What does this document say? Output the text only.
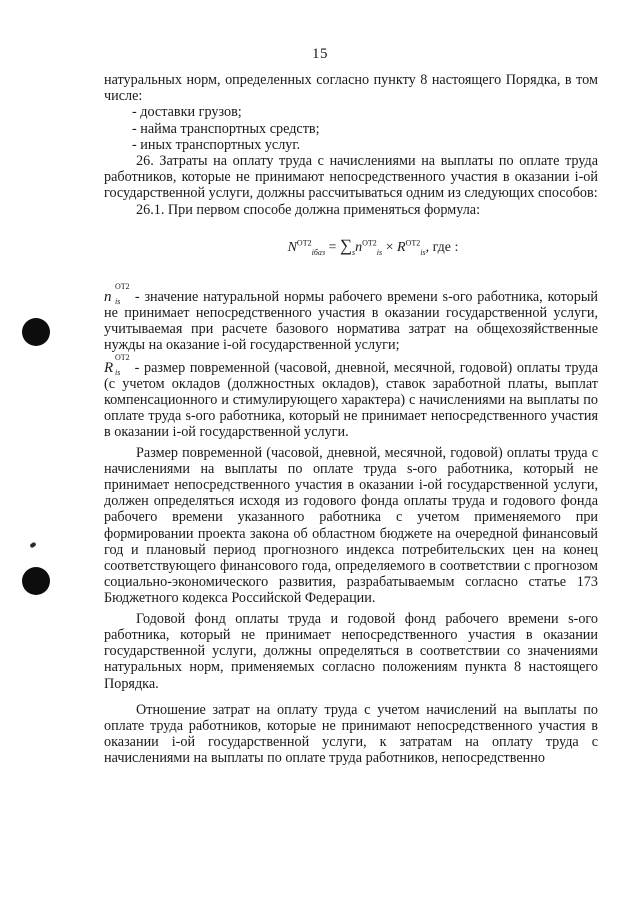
15

натуральных норм, определенных согласно пункту 8 настоящего Порядка, в том числе:

- доставки грузов;

- найма транспортных средств;

- иных транспортных услуг.

26. Затраты на оплату труда с начислениями на выплаты по оплате труда работников, которые не принимают непосредственного участия в оказании i-ой государственной услуги, должны рассчитываться одним из следующих способов:

26.1. При первом способе должна применяться формула:

$N^{ОТ2}_{iбаз} = \sum_sn^{ОТ2}_{is} \times R^{ОТ2}_{is}$, где :

n
ОТ2
is - значение натуральной нормы рабочего времени s-ого работника, который не принимает непосредственного участия в оказании государственной услуги, учитываемая при расчете базового норматива затрат на общехозяйственные нужды на оказание i-ой государственной услуги;

R
ОТ2
is - размер повременной (часовой, дневной, месячной, годовой) оплаты труда (с учетом окладов (должностных окладов), ставок заработной платы, выплат компенсационного и стимулирующего характера) с начислениями на выплаты по оплате труда s-ого работника, который не принимает непосредственного участия в оказании i-ой государственной услуги.

Размер повременной (часовой, дневной, месячной, годовой) оплаты труда с начислениями на выплаты по оплате труда s-ого работника, который не принимает непосредственного участия в оказании i-ой государственной услуги, должен определяться исходя из годового фонда оплаты труда и годового фонда рабочего времени указанного работника с учетом применяемого при формировании проекта закона об областном бюджете на очередной финансовый год и плановый период прогнозного индекса потребительских цен на конец соответствующего финансового года, определяемого в соответствии с прогнозом социально-экономического развития, разрабатываемым согласно статье 173 Бюджетного кодекса Российской Федерации.

Годовой фонд оплаты труда и годовой фонд рабочего времени s-ого работника, который не принимает непосредственного участия в оказании государственной услуги, должны определяться в соответствии со значениями натуральных норм, применяемых согласно положениям пункта 8 настоящего Порядка.

Отношение затрат на оплату труда с учетом начислений на выплаты по оплате труда работников, которые не принимают непосредственного участия в оказании i-ой государственной услуги, к затратам на оплату труда с начислениями на выплаты по оплате труда работников, непосредственно
